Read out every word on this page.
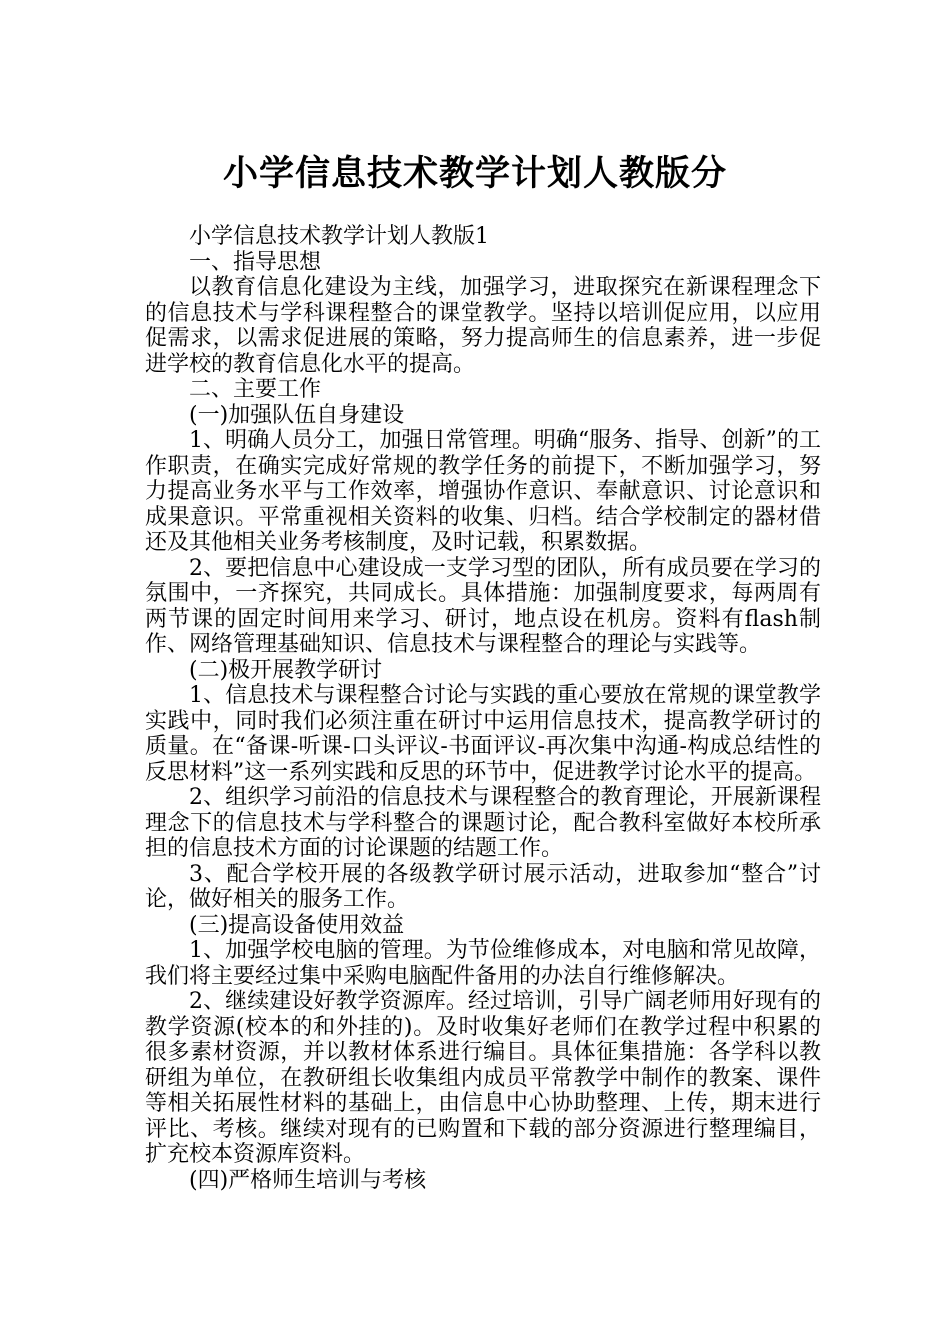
小学信息技术教学计划人教版分

小学信息技术教学计划人教版1

一、指导思想

以教育信息化建设为主线，加强学习，进取探究在新课程理念下的信息技术与学科课程整合的课堂教学。坚持以培训促应用，以应用促需求，以需求促进展的策略，努力提高师生的信息素养，进一步促进学校的教育信息化水平的提高。

二、主要工作

(一)加强队伍自身建设

1、明确人员分工，加强日常管理。明确“服务、指导、创新”的工作职责，在确实完成好常规的教学任务的前提下，不断加强学习，努力提高业务水平与工作效率，增强协作意识、奉献意识、讨论意识和成果意识。平常重视相关资料的收集、归档。结合学校制定的器材借还及其他相关业务考核制度，及时记载，积累数据。

2、要把信息中心建设成一支学习型的团队，所有成员要在学习的氛围中，一齐探究，共同成长。具体措施：加强制度要求，每两周有两节课的固定时间用来学习、研讨，地点设在机房。资料有flash制作、网络管理基础知识、信息技术与课程整合的理论与实践等。

(二)极开展教学研讨

1、信息技术与课程整合讨论与实践的重心要放在常规的课堂教学实践中，同时我们必须注重在研讨中运用信息技术，提高教学研讨的质量。在“备课-听课-口头评议-书面评议-再次集中沟通-构成总结性的反思材料”这一系列实践和反思的环节中，促进教学讨论水平的提高。

2、组织学习前沿的信息技术与课程整合的教育理论，开展新课程理念下的信息技术与学科整合的课题讨论，配合教科室做好本校所承担的信息技术方面的讨论课题的结题工作。

3、配合学校开展的各级教学研讨展示活动，进取参加“整合”讨论，做好相关的服务工作。

(三)提高设备使用效益

1、加强学校电脑的管理。为节俭维修成本，对电脑和常见故障，我们将主要经过集中采购电脑配件备用的办法自行维修解决。

2、继续建设好教学资源库。经过培训，引导广阔老师用好现有的教学资源(校本的和外挂的)。及时收集好老师们在教学过程中积累的很多素材资源，并以教材体系进行编目。具体征集措施：各学科以教研组为单位，在教研组长收集组内成员平常教学中制作的教案、课件等相关拓展性材料的基础上，由信息中心协助整理、上传，期末进行评比、考核。继续对现有的已购置和下载的部分资源进行整理编目，扩充校本资源库资料。

(四)严格师生培训与考核
